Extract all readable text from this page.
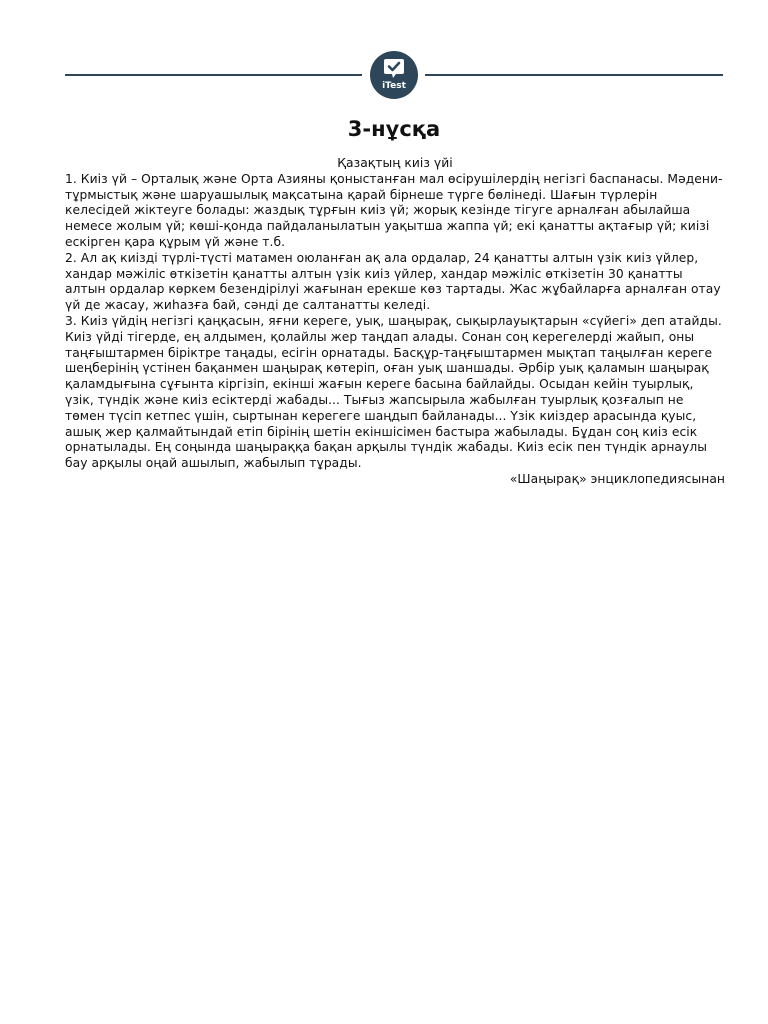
iTest
3-нұсқа

Қазақтың киіз үйі

1. Киіз үй – Орталық және Орта Азияны қоныстанған мал өсірушілердің негізгі баспанасы. Мәдени-тұрмыстық және шаруашылық мақсатына қарай бірнеше түрге бөлінеді. Шағын түрлерін келесідей жіктеуге болады: жаздық тұрғын киіз үй; жорық кезінде тігуге арналған абылайша немесе жолым үй; көші-қонда пайдаланылатын уақытша жаппа үй; екі қанатты ақтағыр үй; киізі ескірген қара құрым үй және т.б.

2. Ал ақ киізді түрлі-түсті матамен оюланған ақ ала ордалар, 24 қанатты алтын үзік киіз үйлер, хандар мәжіліс өткізетін қанатты алтын үзік киіз үйлер, хандар мәжіліс өткізетін 30 қанатты алтын ордалар көркем безендірілуі жағынан ерекше көз тартады. Жас жұбайларға арналған отау үй де жасау, жиһазға бай, сәнді де салтанатты келеді.

3. Киіз үйдің негізгі қаңқасын, яғни кереге, уық, шаңырақ, сықырлауықтарын «сүйегі» деп атайды. Киіз үйді тігерде, ең алдымен, қолайлы жер таңдап алады. Сонан соң керегелерді жайып, оны таңғыштармен біріктре таңады, есігін орнатады. Басқұр-таңғыштармен мықтап таңылған кереге шеңберінің үстінен бақанмен шаңырақ көтеріп, оған уық шаншады. Әрбір уық қаламын шаңырақ қаламдығына сұғынта кіргізіп, екінші жағын кереге басына байлайды. Осыдан кейін туырлық, үзік, түндік және киіз есіктерді жабады... Тығыз жапсырыла жабылған туырлық қозғалып не төмен түсіп кетпес үшін, сыртынан керегеге шаңдып байланады... Үзік киіздер арасында қуыс, ашық жер қалмайтындай етіп бірінің шетін екіншісімен бастыра жабылады. Бұдан соң киіз есік орнатылады. Ең соңында шаңыраққа бақан арқылы түндік жабады. Киіз есік пен түндік арнаулы бау арқылы оңай ашылып, жабылып тұрады.

«Шаңырақ» энциклопедиясынан
